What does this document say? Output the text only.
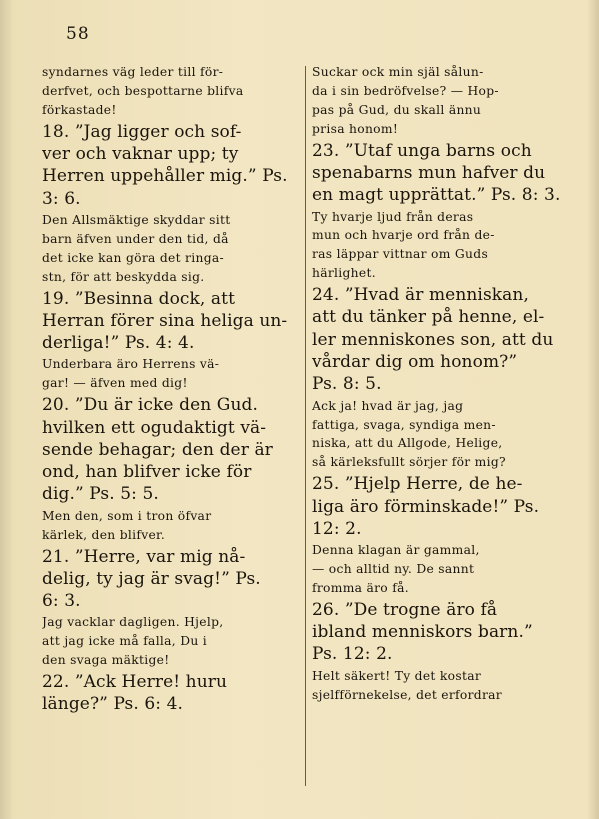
58

syndarnes väg leder till för-
derfvet, och bespottarne blifva
förkastade!

18. ”Jag ligger och sof-
ver och vaknar upp; ty
Herren uppehåller mig.” Ps.
3: 6.

Den Allsmäktige skyddar sitt
barn äfven under den tid, då
det icke kan göra det ringa-
stn, för att beskydda sig.

19. ”Besinna dock, att
Herran förer sina heliga un-
derliga!” Ps. 4: 4.

Underbara äro Herrens vä-
gar! — äfven med dig!

20. ”Du är icke den Gud.
hvilken ett ogudaktigt vä-
sende behagar; den der är
ond, han blifver icke för
dig.” Ps. 5: 5.

Men den, som i tron öfvar
kärlek, den blifver.

21. ”Herre, var mig nå-
delig, ty jag är svag!” Ps.
6: 3.

Jag vacklar dagligen. Hjelp,
att jag icke må falla, Du i
den svaga mäktige!

22. ”Ack Herre! huru
länge?” Ps. 6: 4.

Suckar ock min själ sålun-
da i sin bedröfvelse? — Hop-
pas på Gud, du skall ännu
prisa honom!

23. ”Utaf unga barns och
spenabarns mun hafver du
en magt upprättat.” Ps. 8: 3.

Ty hvarje ljud från deras
mun och hvarje ord från de-
ras läppar vittnar om Guds
härlighet.

24. ”Hvad är menniskan,
att du tänker på henne, el-
ler menniskones son, att du
vårdar dig om honom?”
Ps. 8: 5.

Ack ja! hvad är jag, jag
fattiga, svaga, syndiga men-
niska, att du Allgode, Helige,
så kärleksfullt sörjer för mig?

25. ”Hjelp Herre, de he-
liga äro förminskade!” Ps.
12: 2.

Denna klagan är gammal,
— och alltid ny. De sannt
fromma äro få.

26. ”De trogne äro få
ibland menniskors barn.”
Ps. 12: 2.

Helt säkert! Ty det kostar
sjelfförnekelse, det erfordrar
